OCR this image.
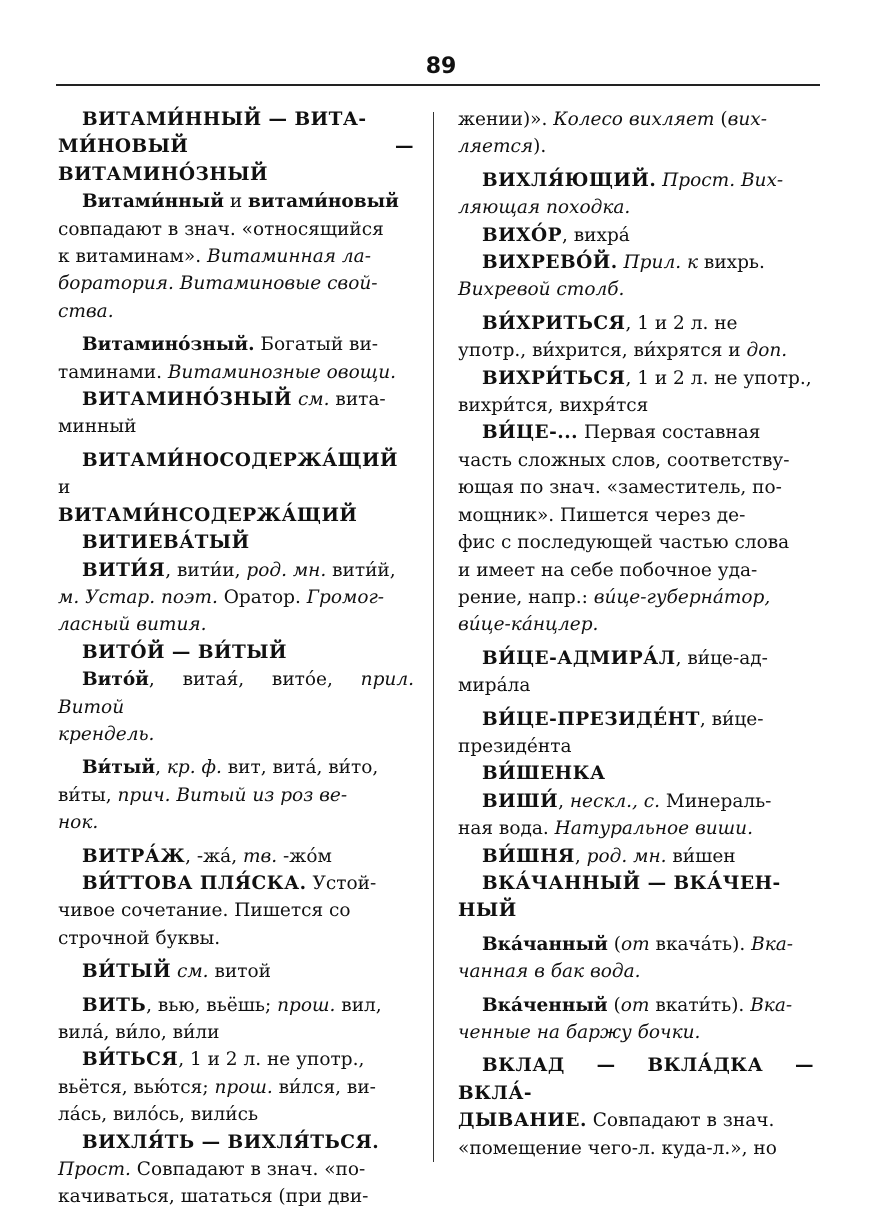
89

ВИТАМИ́ННЫЙ — ВИТА-

МИ́НОВЫЙ — ВИТАМИНО́ЗНЫЙ

Витами́нный и витами́новый

совпадают в знач. «относящийся

к витаминам». Витаминная ла-

боратория. Витаминовые свой-

ства.

Витамино́зный. Богатый ви-

таминами. Витаминозные овощи.

ВИТАМИНО́ЗНЫЙ см. вита-

минный

ВИТАМИ́НОСОДЕРЖА́ЩИЙ и

ВИТАМИ́НСОДЕРЖА́ЩИЙ

ВИТИЕВА́ТЫЙ

ВИТИ́Я, вити́и, род. мн. вити́й,

м. Устар. поэт. Оратор. Громог-

ласный вития.

ВИТО́Й — ВИ́ТЫЙ

Вито́й, витая́, вито́е, прил. Витой

крендель.

Ви́тый, кр. ф. вит, вита́, ви́то,

ви́ты, прич. Витый из роз ве-

нок.

ВИТРА́Ж, -жа́, тв. -жо́м

ВИ́ТТОВА ПЛЯ́СКА. Устой-

чивое сочетание. Пишется со

строчной буквы.

ВИ́ТЫЙ см. витой

ВИТЬ, вью, вьёшь; прош. вил,

вила́, ви́ло, ви́ли

ВИ́ТЬСЯ, 1 и 2 л. не употр.,

вьётся, вью́тся; прош. ви́лся, ви-

ла́сь, вило́сь, вили́сь

ВИХЛЯ́ТЬ — ВИХЛЯ́ТЬСЯ.

Прост. Совпадают в знач. «по-

качиваться, шататься (при дви-

жении)». Колесо вихляет (вих-

ляется).

ВИХЛЯ́ЮЩИЙ. Прост. Вих-

ляющая походка.

ВИХО́Р, вихра́

ВИХРЕВО́Й. Прил. к вихрь.

Вихревой столб.

ВИ́ХРИТЬСЯ, 1 и 2 л. не

употр., ви́хрится, ви́хрятся и доп.

ВИХРИ́ТЬСЯ, 1 и 2 л. не употр.,

вихри́тся, вихря́тся

ВИ́ЦЕ-... Первая составная

часть сложных слов, соответству-

ющая по знач. «заместитель, по-

мощник». Пишется через де-

фис с последующей частью слова

и имеет на себе побочное уда-

рение, напр.: ви́це-губерна́тор,

ви́це-ка́нцлер.

ВИ́ЦЕ-АДМИРА́Л, ви́це-ад-

мира́ла

ВИ́ЦЕ-ПРЕЗИДЕ́НТ, ви́це-

президе́нта

ВИ́ШЕНКА

ВИШИ́, нескл., с. Минераль-

ная вода. Натуральное виши.

ВИ́ШНЯ, род. мн. ви́шен

ВКА́ЧАННЫЙ — ВКА́ЧЕН-

НЫЙ

Вка́чанный (от вкача́ть). Вка-

чанная в бак вода.

Вка́ченный (от вкати́ть). Вка-

ченные на баржу бочки.

ВКЛАД — ВКЛА́ДКА — ВКЛА́-

ДЫВАНИЕ. Совпадают в знач.

«помещение чего-л. куда-л.», но
